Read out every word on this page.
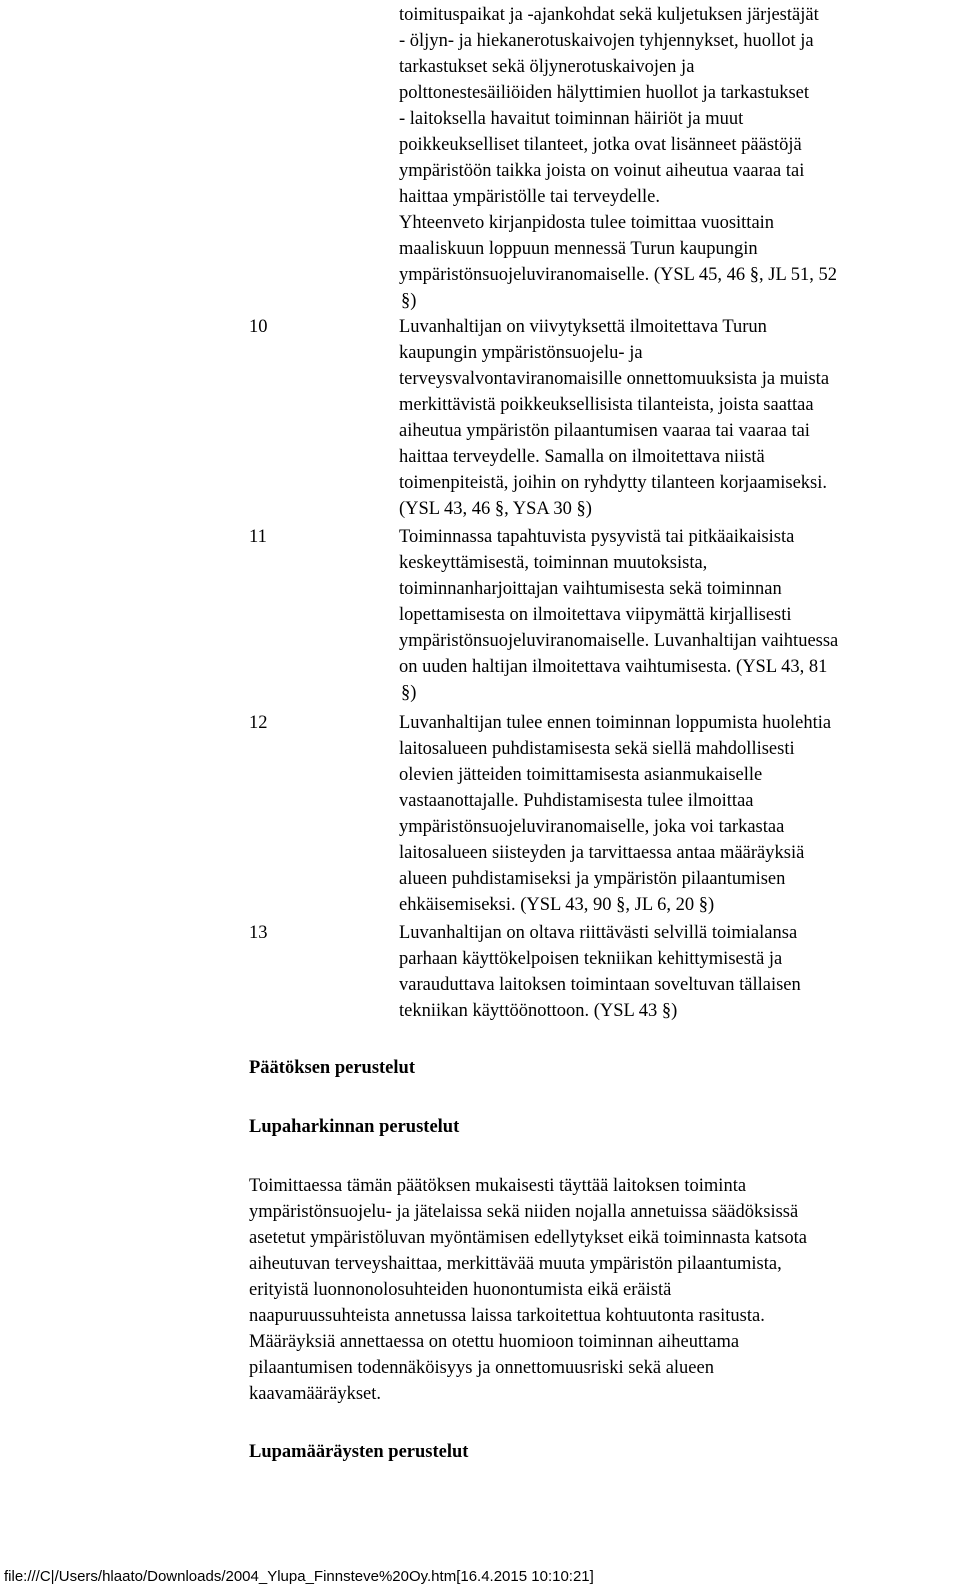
toimituspaikat ja -ajankohdat sekä kuljetuksen järjestäjät
- öljyn- ja hiekanerotuskaivojen tyhjennykset, huollot ja
tarkastukset sekä öljynerotuskaivojen ja
polttonestesäiliöiden hälyttimien huollot ja tarkastukset
- laitoksella havaitut toiminnan häiriöt ja muut
poikkeukselliset tilanteet, jotka ovat lisänneet päästöjä
ympäristöön taikka joista on voinut aiheutua vaaraa tai
haittaa ympäristölle tai terveydelle.
Yhteenveto kirjanpidosta tulee toimittaa vuosittain
maaliskuun loppuun mennessä Turun kaupungin
ympäristönsuojeluviranomaiselle. (YSL 45, 46 §, JL 51, 52
§)
10	Luvanhaltijan on viivytyksettä ilmoitettava Turun
kaupungin ympäristönsuojelu- ja
terveysvalvontaviranomaisille onnettomuuksista ja muista
merkittävistä poikkeuksellisista tilanteista, joista saattaa
aiheutua ympäristön pilaantumisen vaaraa tai vaaraa tai
haittaa terveydelle. Samalla on ilmoitettava niistä
toimenpiteistä, joihin on ryhdytty tilanteen korjaamiseksi.
(YSL 43, 46 §, YSA 30 §)
11	Toiminnassa tapahtuvista pysyvistä tai pitkäaikaisista
keskeyttämisestä, toiminnan muutoksista,
toiminnanharjoittajan vaihtumisesta sekä toiminnan
lopettamisesta on ilmoitettava viipymättä kirjallisesti
ympäristönsuojeluviranomaiselle. Luvanhaltijan vaihtuessa
on uuden haltijan ilmoitettava vaihtumisesta. (YSL 43, 81
§)
12	Luvanhaltijan tulee ennen toiminnan loppumista huolehtia
laitosalueen puhdistamisesta sekä siellä mahdollisesti
olevien jätteiden toimittamisesta asianmukaiselle
vastaanottajalle. Puhdistamisesta tulee ilmoittaa
ympäristönsuojeluviranomaiselle, joka voi tarkastaa
laitosalueen siisteyden ja tarvittaessa antaa määräyksiä
alueen puhdistamiseksi ja ympäristön pilaantumisen
ehkäisemiseksi. (YSL 43, 90 §, JL 6, 20 §)
13	Luvanhaltijan on oltava riittävästi selvillä toimialansa
parhaan käyttökelpoisen tekniikan kehittymisestä ja
varauduttava laitoksen toimintaan soveltuvan tällaisen
tekniikan käyttöönottoon. (YSL 43 §)
Päätöksen perustelut
Lupaharkinnan perustelut
Toimittaessa tämän päätöksen mukaisesti täyttää laitoksen toiminta
ympäristönsuojelu- ja jätelaissa sekä niiden nojalla annetuissa säädöksissä
asetetut ympäristöluvan myöntämisen edellytykset eikä toiminnasta katsota
aiheutuvan terveyshaittaa, merkittävää muuta ympäristön pilaantumista,
erityistä luonnonolosuhteiden huonontumista eikä eräistä
naapuruussuhteista annetussa laissa tarkoitettua kohtuutonta rasitusta.
Määräyksiä annettaessa on otettu huomioon toiminnan aiheuttama
pilaantumisen todennäköisyys ja onnettomuusriski sekä alueen
kaavamääräykset.
Lupamääräysten perustelut
file:///C|/Users/hlaato/Downloads/2004_Ylupa_Finnsteve%20Oy.htm[16.4.2015 10:10:21]
